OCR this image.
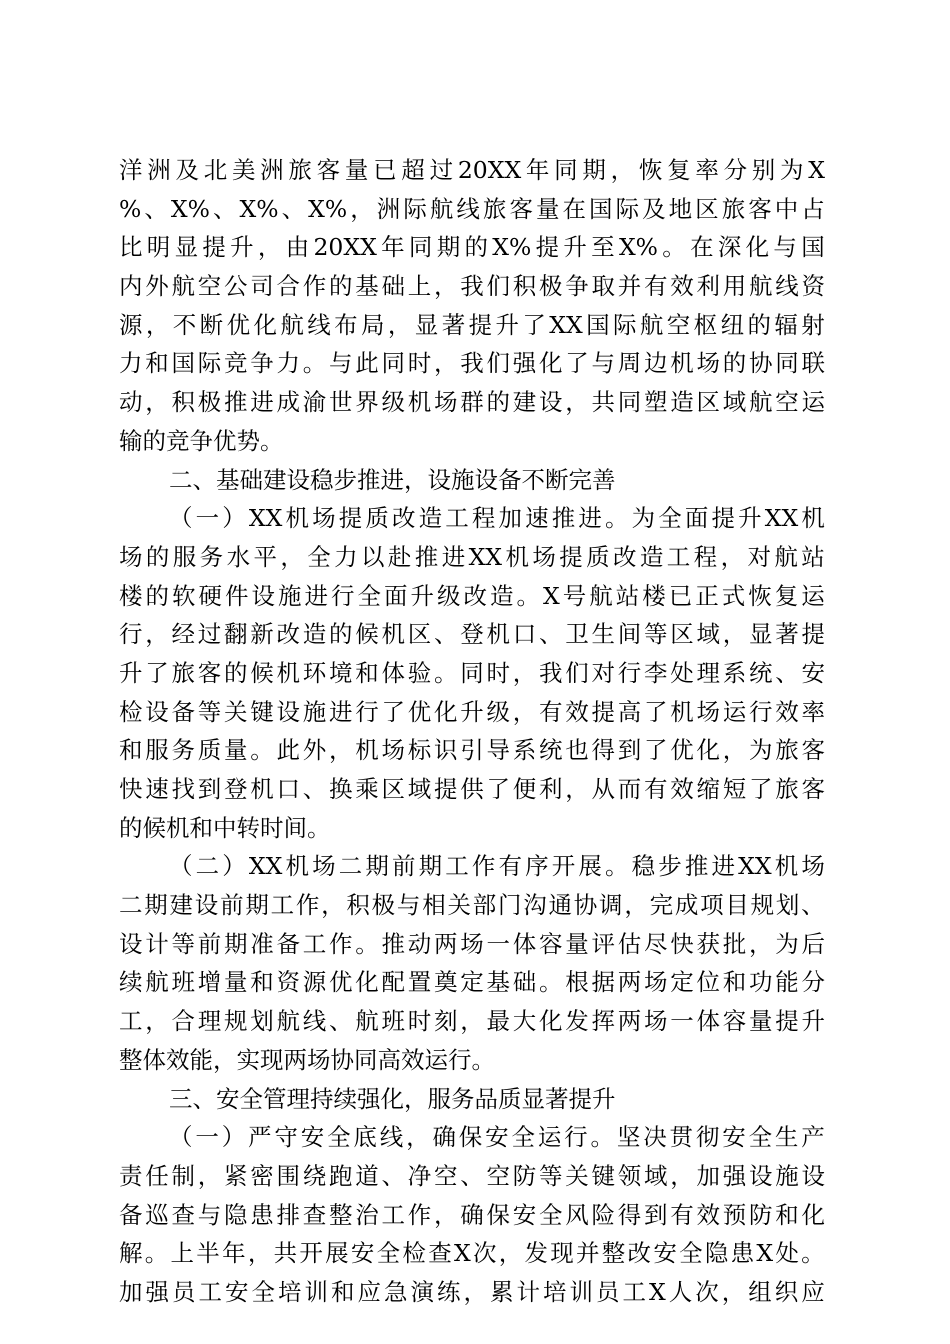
洋 洲 及 北 美 洲 旅 客 量 已 超 过 20XX 年 同 期 ， 恢 复 率 分 别 为 X
% 、 X% 、 X% 、 X% ， 洲 际 航 线 旅 客 量 在 国 际 及 地 区 旅 客 中 占
比 明 显 提 升 ， 由 20XX 年 同 期 的 X% 提 升 至 X% 。 在 深 化 与 国
内 外 航 空 公 司 合 作 的 基 础 上 ， 我 们 积 极 争 取 并 有 效 利 用 航 线 资
源 ， 不 断 优 化 航 线 布 局 ， 显 著 提 升 了 XX 国 际 航 空 枢 纽 的 辐 射
力 和 国 际 竞 争 力 。 与 此 同 时 ， 我 们 强 化 了 与 周 边 机 场 的 协 同 联
动 ， 积 极 推 进 成 渝 世 界 级 机 场 群 的 建 设 ， 共 同 塑 造 区 域 航 空 运
输的竞争优势。
二、基础建设稳步推进，设施设备不断完善
（ 一 ） XX 机 场 提 质 改 造 工 程 加 速 推 进 。 为 全 面 提 升 XX 机
场 的 服 务 水 平 ， 全 力 以 赴 推 进 XX 机 场 提 质 改 造 工 程 ， 对 航 站
楼 的 软 硬 件 设 施 进 行 全 面 升 级 改 造 。 X 号 航 站 楼 已 正 式 恢 复 运
行 ， 经 过 翻 新 改 造 的 候 机 区 、 登 机 口 、 卫 生 间 等 区 域 ， 显 著 提
升 了 旅 客 的 候 机 环 境 和 体 验 。 同 时 ， 我 们 对 行 李 处 理 系 统 、 安
检 设 备 等 关 键 设 施 进 行 了 优 化 升 级 ， 有 效 提 高 了 机 场 运 行 效 率
和 服 务 质 量 。 此 外 ， 机 场 标 识 引 导 系 统 也 得 到 了 优 化 ， 为 旅 客
快 速 找 到 登 机 口 、 换 乘 区 域 提 供 了 便 利 ， 从 而 有 效 缩 短 了 旅 客
的候机和中转时间。
（ 二 ） XX 机 场 二 期 前 期 工 作 有 序 开 展 。 稳 步 推 进 XX 机 场
二 期 建 设 前 期 工 作 ， 积 极 与 相 关 部 门 沟 通 协 调 ， 完 成 项 目 规 划 、
设 计 等 前 期 准 备 工 作 。 推 动 两 场 一 体 容 量 评 估 尽 快 获 批 ， 为 后
续 航 班 增 量 和 资 源 优 化 配 置 奠 定 基 础 。 根 据 两 场 定 位 和 功 能 分
工 ， 合 理 规 划 航 线 、 航 班 时 刻 ， 最 大 化 发 挥 两 场 一 体 容 量 提 升
整体效能，实现两场协同高效运行。
三、安全管理持续强化，服务品质显著提升
（ 一 ） 严 守 安 全 底 线 ， 确 保 安 全 运 行 。 坚 决 贯 彻 安 全 生 产
责 任 制 ， 紧 密 围 绕 跑 道 、 净 空 、 空 防 等 关 键 领 域 ， 加 强 设 施 设
备 巡 查 与 隐 患 排 查 整 治 工 作 ， 确 保 安 全 风 险 得 到 有 效 预 防 和 化
解 。 上 半 年 ， 共 开 展 安 全 检 查 X 次 ， 发 现 并 整 改 安 全 隐 患 X 处 。
加 强 员 工 安 全 培 训 和 应 急 演 练 ， 累 计 培 训 员 工 X 人 次 ， 组 织 应
